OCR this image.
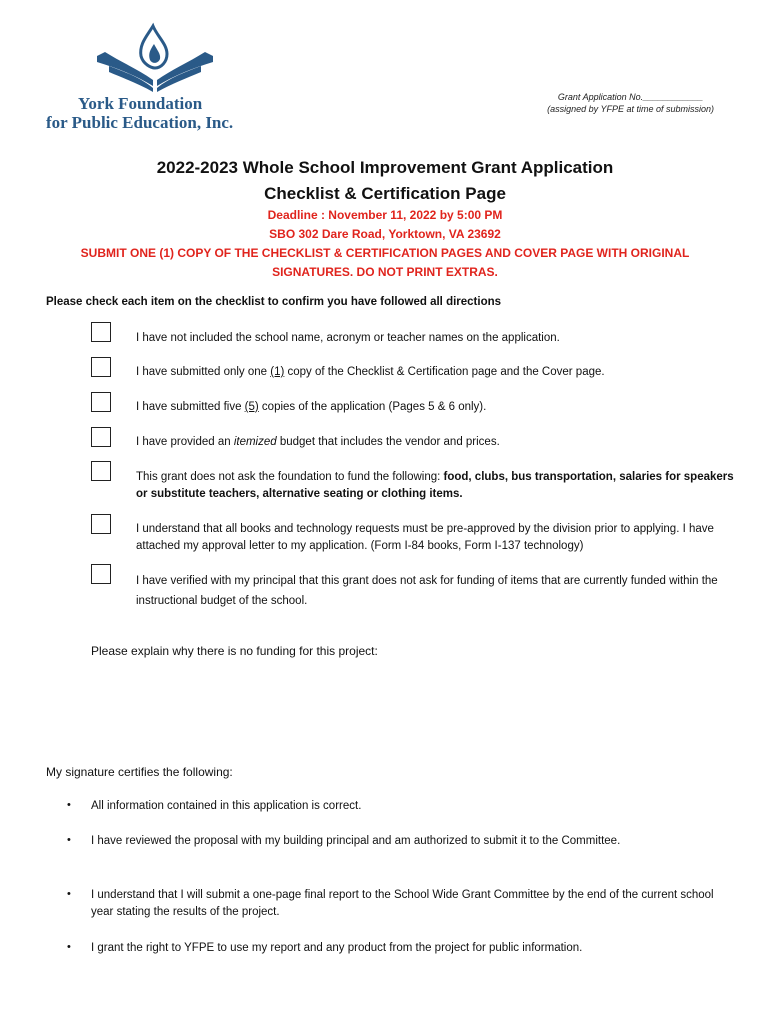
York Foundation
for Public Education, Inc.
Grant Application No.____________
(assigned by YFPE at time of submission)
2022-2023 Whole School Improvement Grant Application
Checklist & Certification Page
Deadline : November 11, 2022 by 5:00 PM
SBO 302 Dare Road, Yorktown, VA 23692
SUBMIT ONE (1) COPY OF THE CHECKLIST & CERTIFICATION PAGES AND COVER PAGE WITH ORIGINAL
SIGNATURES. DO NOT PRINT EXTRAS.
Please check each item on the checklist to confirm you have followed all directions
I have not included the school name, acronym or teacher names on the application.
I have submitted only one (1) copy of the Checklist & Certification page and the Cover page.
I have submitted five (5) copies of the application (Pages 5 & 6 only).
I have provided an itemized budget that includes the vendor and prices.
This grant does not ask the foundation to fund the following: food, clubs, bus transportation, salaries for speakers or substitute teachers, alternative seating or clothing items.
I understand that all books and technology requests must be pre-approved by the division prior to applying. I have attached my approval letter to my application. (Form I-84 books, Form I-137 technology)
I have verified with my principal that this grant does not ask for funding of items that are currently funded within the instructional budget of the school.
Please explain why there is no funding for this project:
My signature certifies the following:
• All information contained in this application is correct.
• I have reviewed the proposal with my building principal and am authorized to submit it to the Committee.
• I understand that I will submit a one-page final report to the School Wide Grant Committee by the end of the current school year stating the results of the project.
• I grant the right to YFPE to use my report and any product from the project for public information.
